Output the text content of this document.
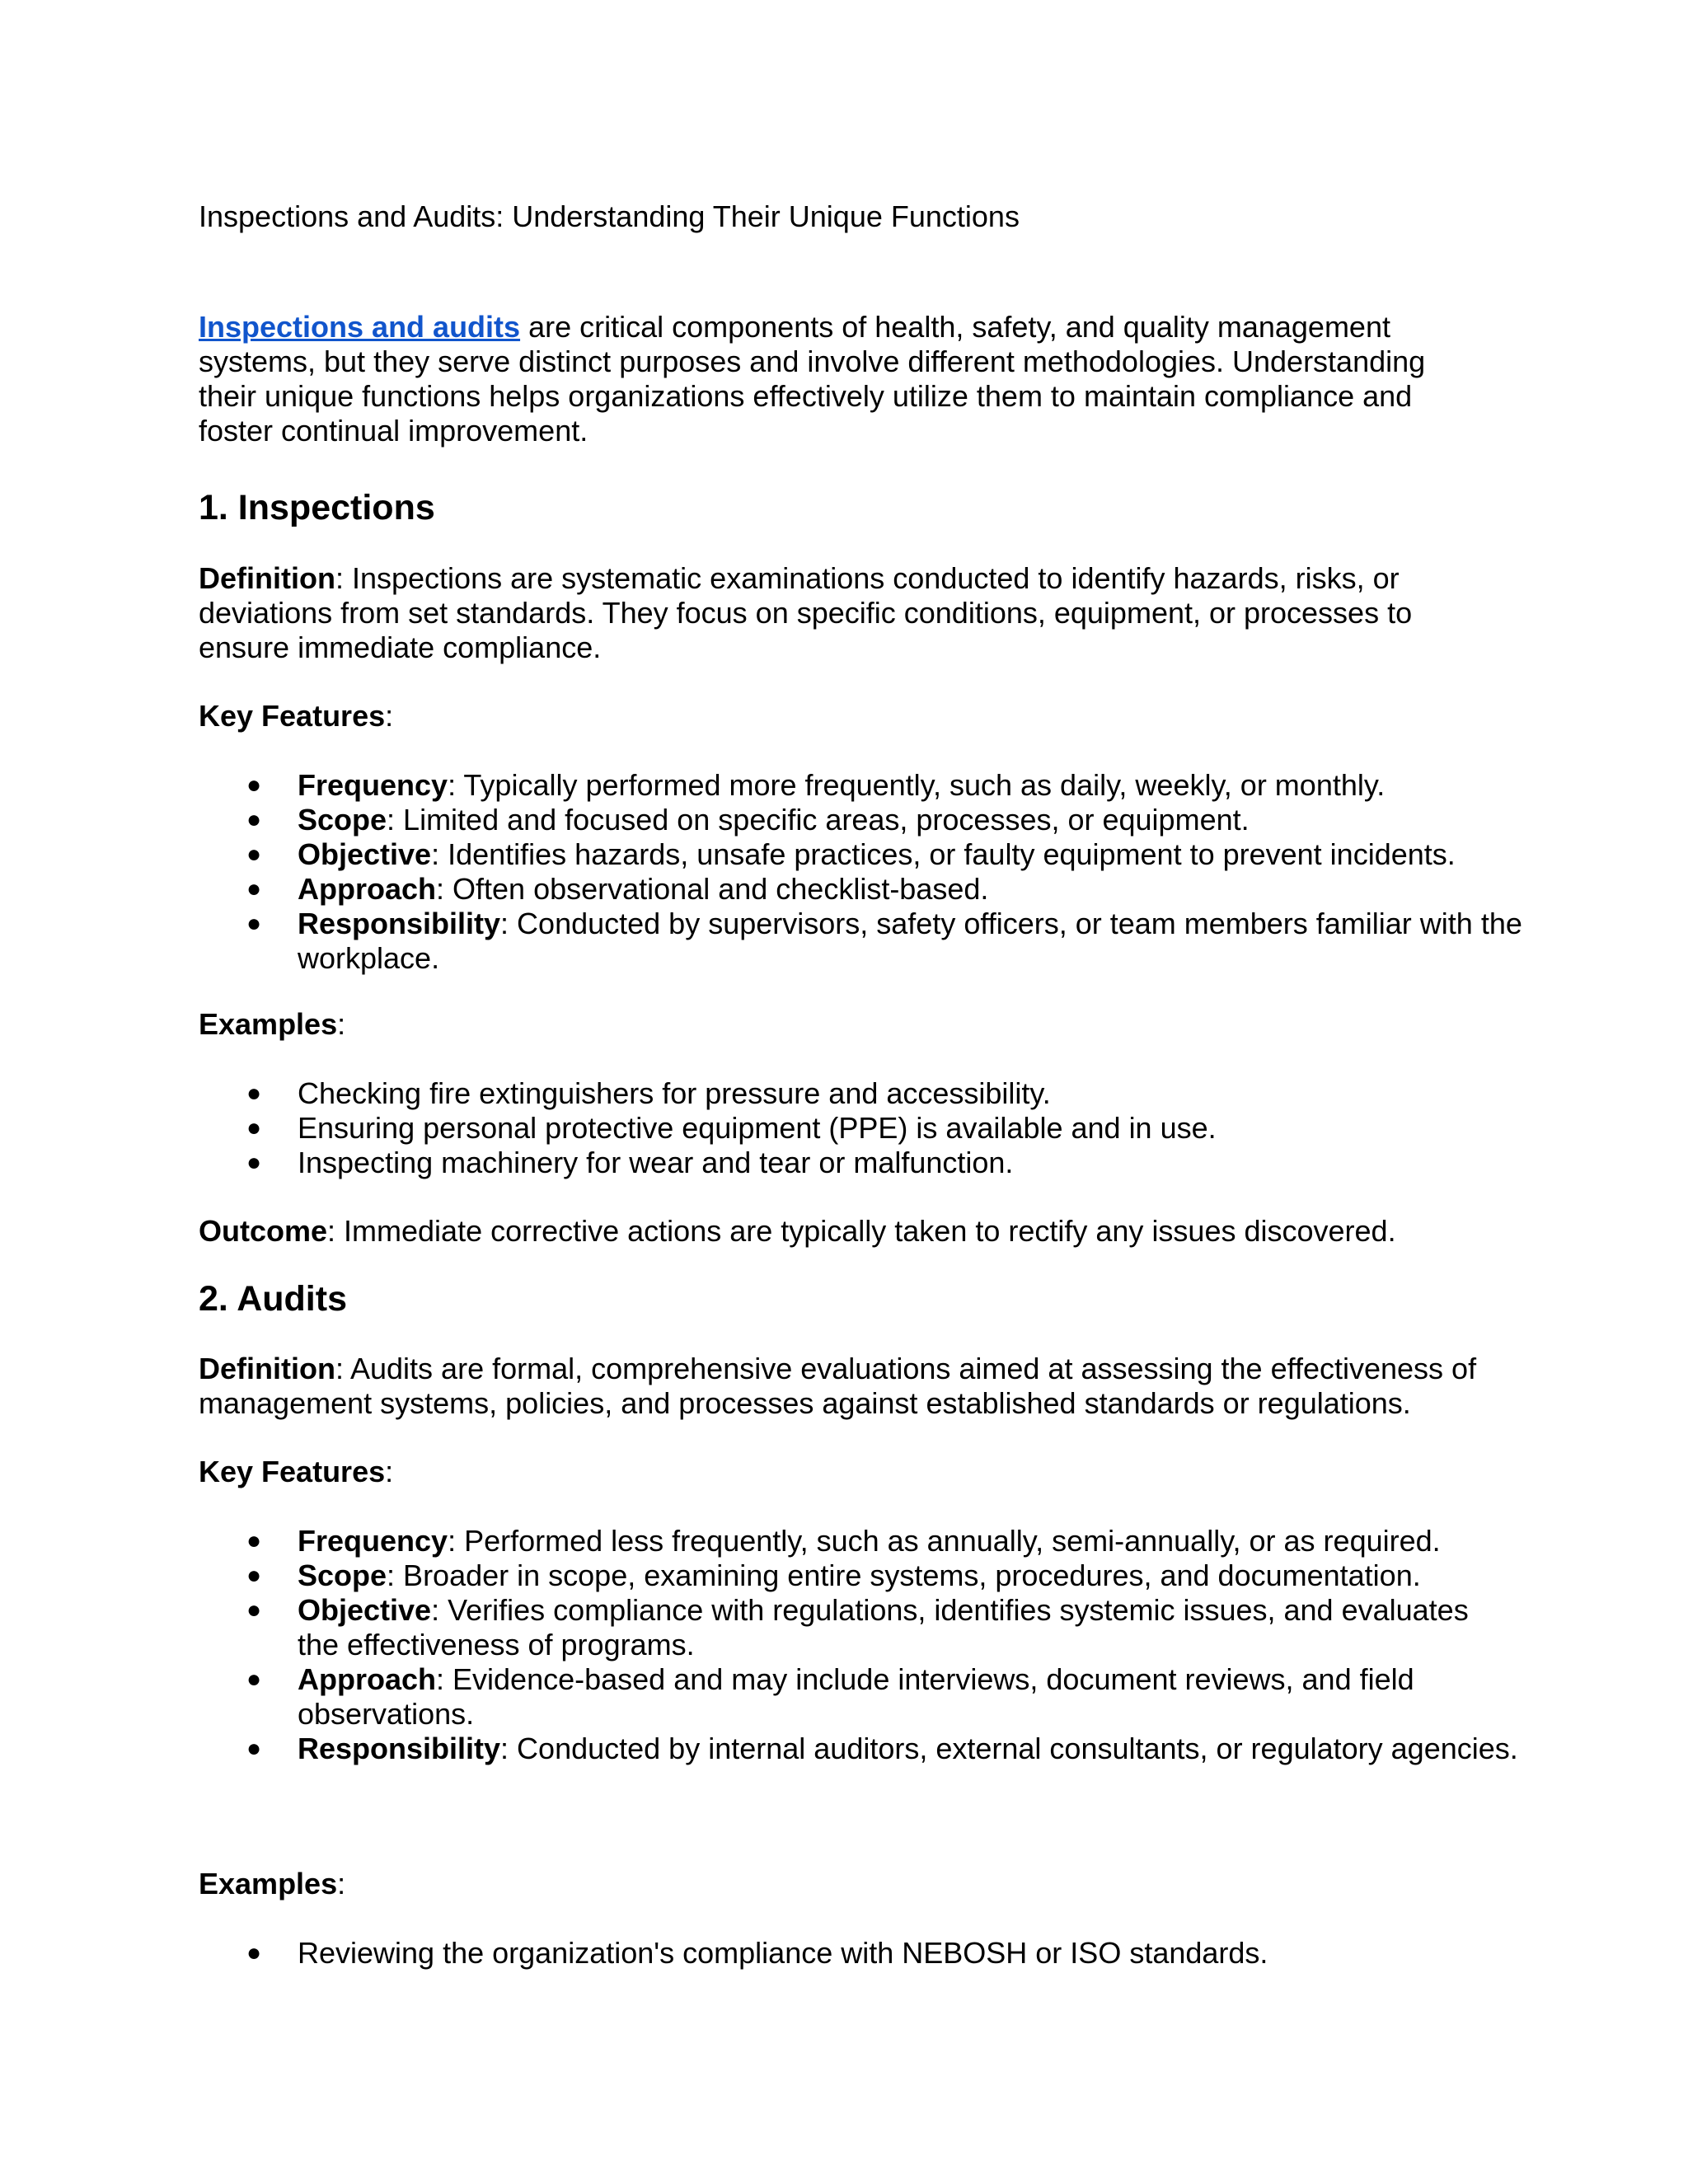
Inspections and Audits: Understanding Their Unique Functions

Inspections and audits are critical components of health, safety, and quality management systems, but they serve distinct purposes and involve different methodologies. Understanding their unique functions helps organizations effectively utilize them to maintain compliance and foster continual improvement.

1. Inspections

Definition: Inspections are systematic examinations conducted to identify hazards, risks, or deviations from set standards. They focus on specific conditions, equipment, or processes to ensure immediate compliance.

Key Features:

● Frequency: Typically performed more frequently, such as daily, weekly, or monthly.
● Scope: Limited and focused on specific areas, processes, or equipment.
● Objective: Identifies hazards, unsafe practices, or faulty equipment to prevent incidents.
● Approach: Often observational and checklist-based.
● Responsibility: Conducted by supervisors, safety officers, or team members familiar with the workplace.

Examples:

● Checking fire extinguishers for pressure and accessibility.
● Ensuring personal protective equipment (PPE) is available and in use.
● Inspecting machinery for wear and tear or malfunction.

Outcome: Immediate corrective actions are typically taken to rectify any issues discovered.

2. Audits

Definition: Audits are formal, comprehensive evaluations aimed at assessing the effectiveness of management systems, policies, and processes against established standards or regulations.

Key Features:

● Frequency: Performed less frequently, such as annually, semi-annually, or as required.
● Scope: Broader in scope, examining entire systems, procedures, and documentation.
● Objective: Verifies compliance with regulations, identifies systemic issues, and evaluates the effectiveness of programs.
● Approach: Evidence-based and may include interviews, document reviews, and field observations.
● Responsibility: Conducted by internal auditors, external consultants, or regulatory agencies.

Examples:

● Reviewing the organization's compliance with NEBOSH or ISO standards.
